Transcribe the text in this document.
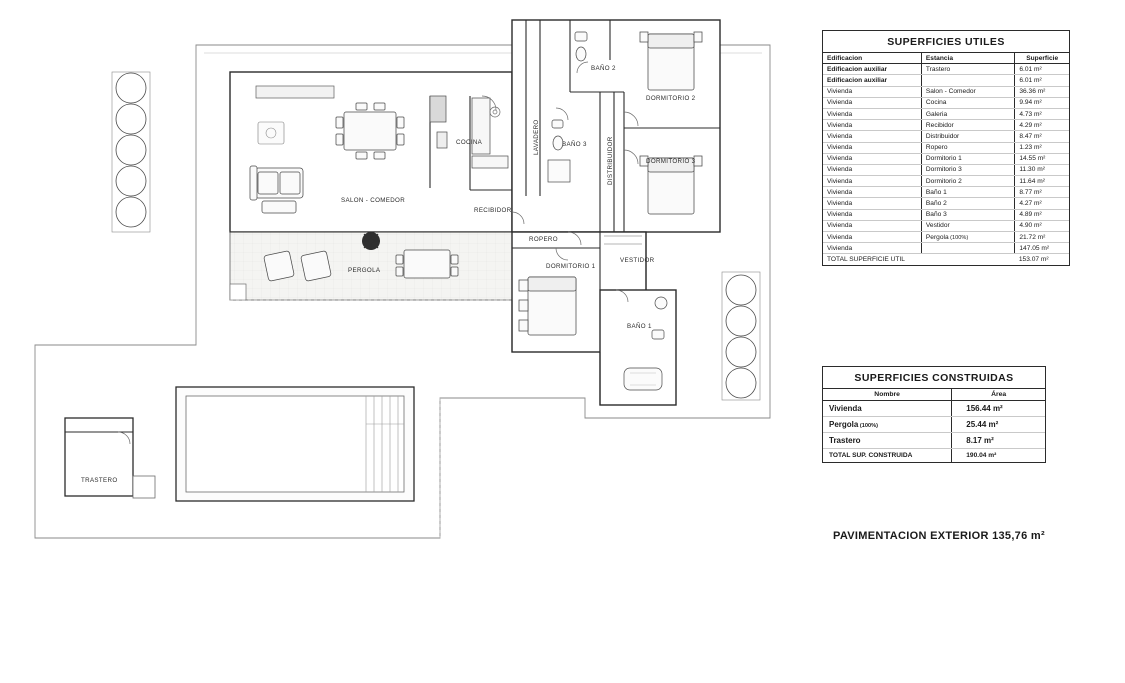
BAÑO 2
DORMITORIO 2
COCINA	LAVADERO	BAÑO 3	DISTRIBUIDOR	DORMITORIO 3
SALON - COMEDOR
RECIBIDOR
ROPERO
VESTIDOR
PERGOLA
DORMITORIO 1
BAÑO 1
TRASTERO
SUPERFICIES UTILES
Edificacion	Estancia	Superficie
Edificacion auxiliar	Trastero	6.01 m²
Edificacion auxiliar		6.01 m²
Vivienda	Salon - Comedor	36.36 m²
Vivienda	Cocina	9.94 m²
Vivienda	Galeria	4.73 m²
Vivienda	Recibidor	4.29 m²
Vivienda	Distribuidor	8.47 m²
Vivienda	Ropero	1.23 m²
Vivienda	Dormitorio 1	14.55 m²
Vivienda	Dormitorio 3	11.30 m²
Vivienda	Dormitorio 2	11.64 m²
Vivienda	Baño 1	8.77 m²
Vivienda	Baño 2	4.27 m²
Vivienda	Baño 3	4.89 m²
Vivienda	Vestidor	4.90 m²
Vivienda	Pergola (100%)	21.72 m²
Vivienda		147.05 m²
TOTAL SUPERFICIE UTIL		153.07 m²
SUPERFICIES CONSTRUIDAS
Nombre	Área
Vivienda	156.44 m²
Pergola (100%)	25.44 m²
Trastero	8.17 m²
TOTAL SUP. CONSTRUIDA	190.04 m²
PAVIMENTACION EXTERIOR 135,76 m²
